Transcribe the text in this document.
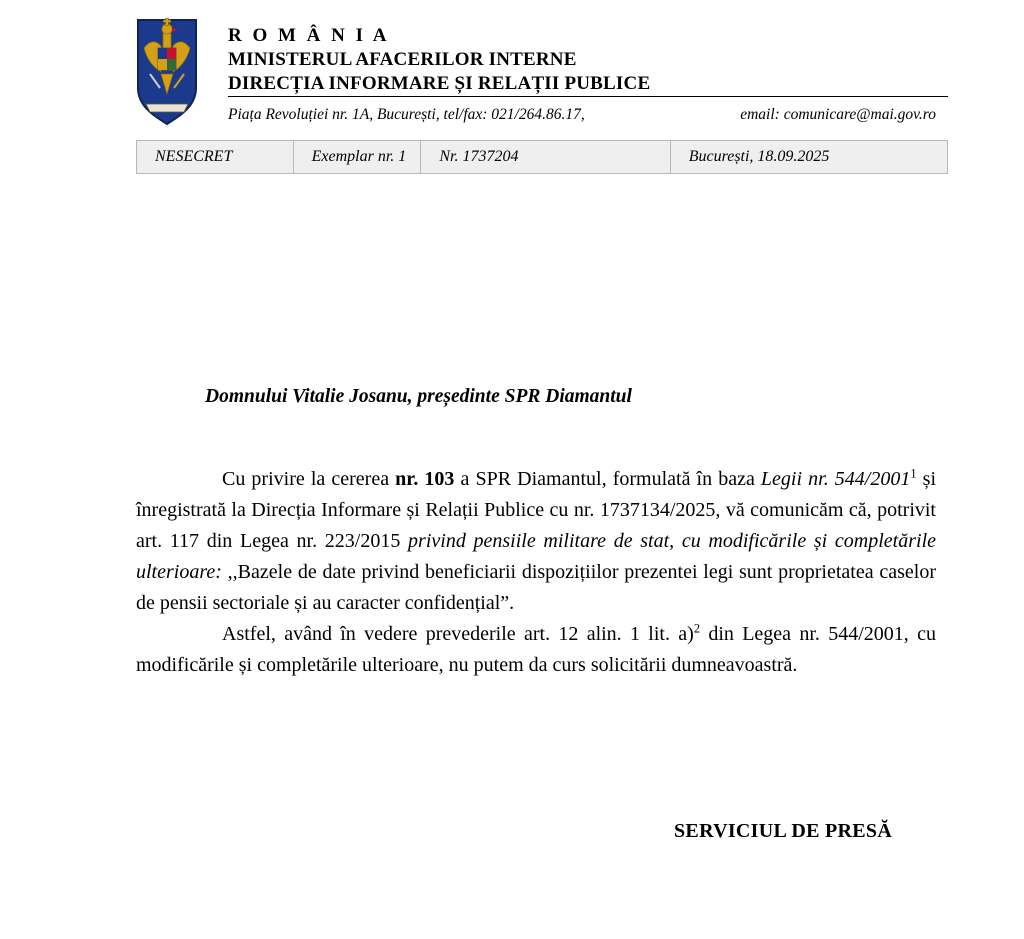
R O M Â N I A
MINISTERUL AFACERILOR INTERNE
DIRECȚIA INFORMARE ȘI RELAȚII PUBLICE
Piața Revoluției nr. 1A, București, tel/fax: 021/264.86.17,	email: comunicare@mai.gov.ro
NESECRET	Exemplar nr. 1	Nr. 1737204	București, 18.09.2025
Domnului Vitalie Josanu, președinte SPR Diamantul

Cu privire la cererea nr. 103 a SPR Diamantul, formulată în baza Legii nr. 544/2001$^1$ și înregistrată la Direcția Informare și Relații Publice cu nr. 1737134/2025, vă comunicăm că, potrivit art. 117 din Legea nr. 223/2015 privind pensiile militare de stat, cu modificările și completările ulterioare: ,,Bazele de date privind beneficiarii dispozițiilor prezentei legi sunt proprietatea caselor de pensii sectoriale și au caracter confidențial”.

Astfel, având în vedere prevederile art. 12 alin. 1 lit. a)$^2$ din Legea nr. 544/2001, cu modificările și completările ulterioare, nu putem da curs solicitării dumneavoastră.

SERVICIUL DE PRESĂ
